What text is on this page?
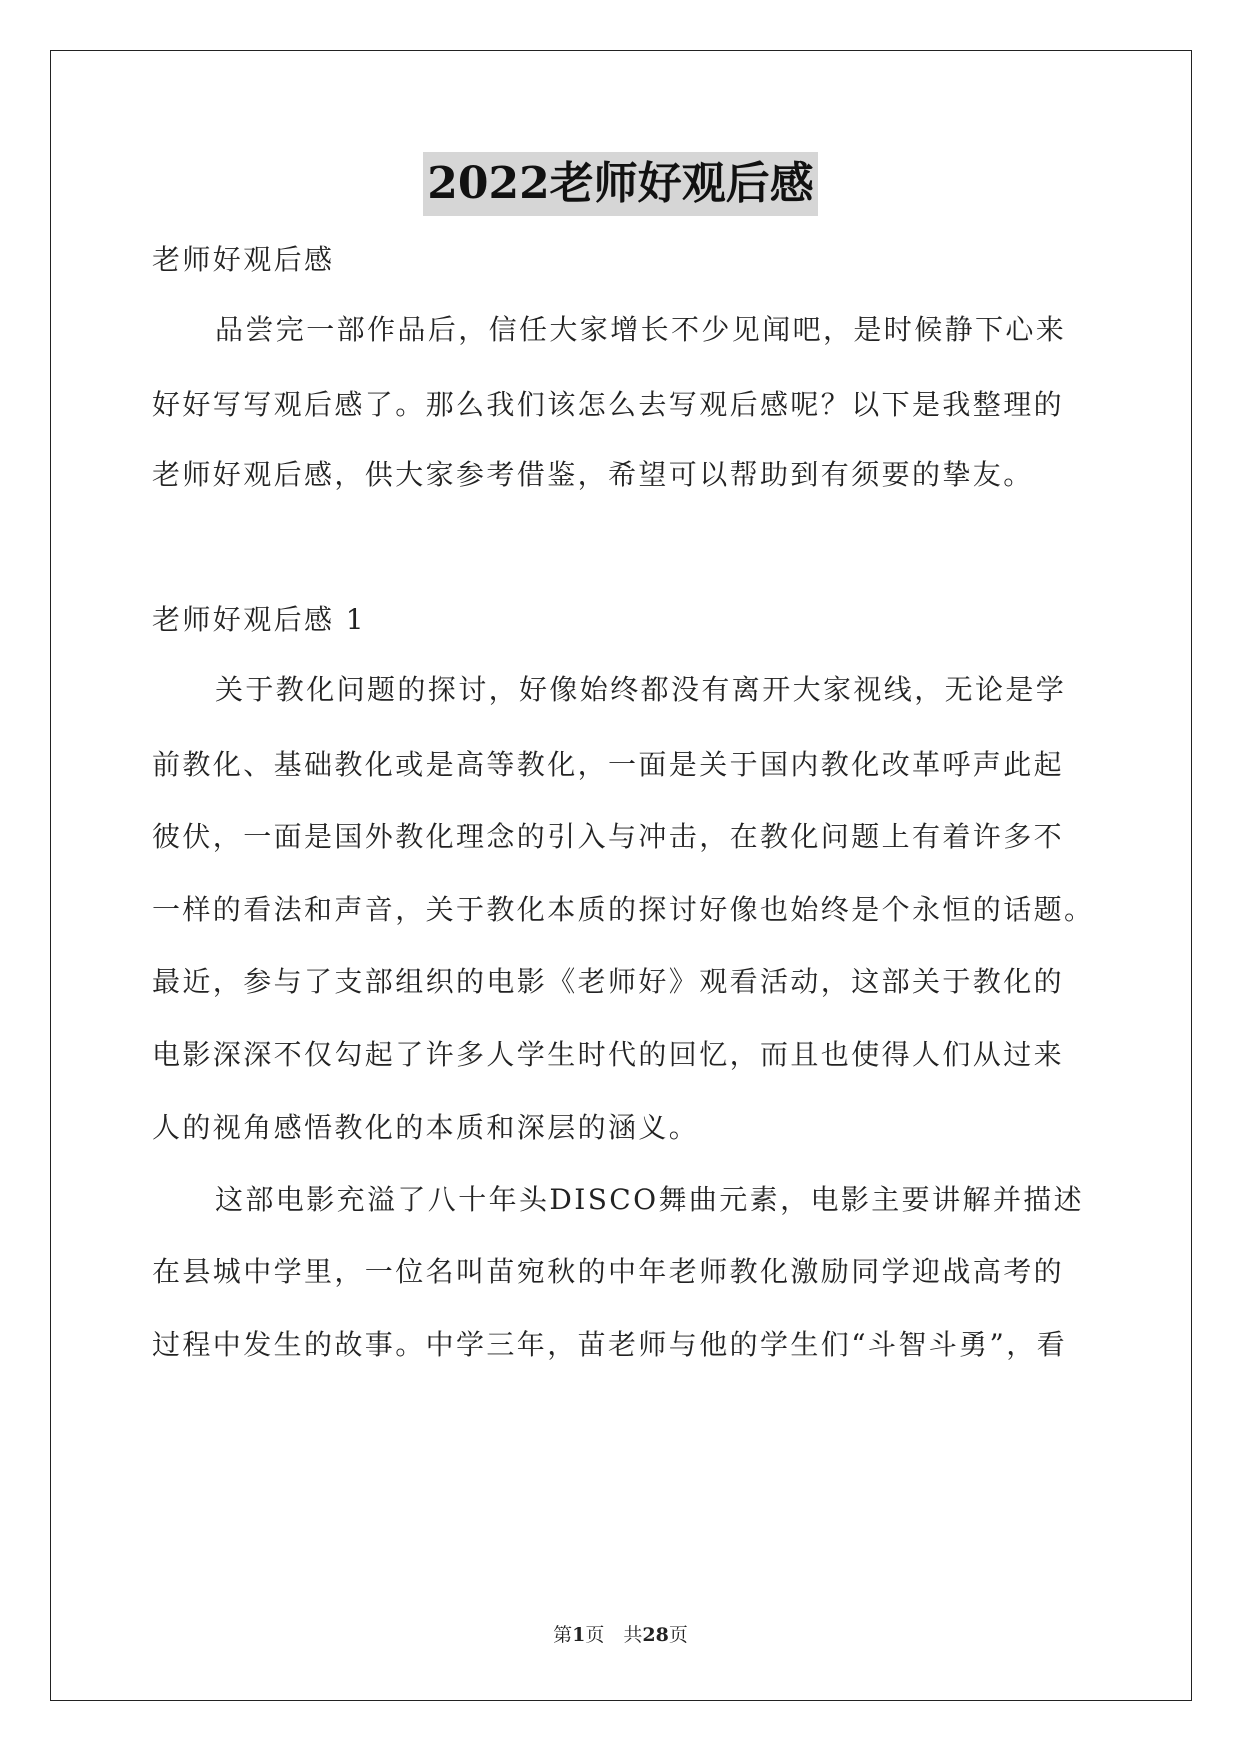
2022老师好观后感
老师好观后感
品尝完一部作品后，信任大家增长不少见闻吧，是时候静下心来
好好写写观后感了。那么我们该怎么去写观后感呢？以下是我整理的
老师好观后感，供大家参考借鉴，希望可以帮助到有须要的挚友。
老师好观后感 1
关于教化问题的探讨，好像始终都没有离开大家视线，无论是学
前教化、基础教化或是高等教化，一面是关于国内教化改革呼声此起
彼伏，一面是国外教化理念的引入与冲击，在教化问题上有着许多不
一样的看法和声音，关于教化本质的探讨好像也始终是个永恒的话题。
最近，参与了支部组织的电影《老师好》观看活动，这部关于教化的
电影深深不仅勾起了许多人学生时代的回忆，而且也使得人们从过来
人的视角感悟教化的本质和深层的涵义。
这部电影充溢了八十年头DISCO舞曲元素，电影主要讲解并描述
在县城中学里，一位名叫苗宛秋的中年老师教化激励同学迎战高考的
过程中发生的故事。中学三年，苗老师与他的学生们“斗智斗勇”，看
第1页　共28页
